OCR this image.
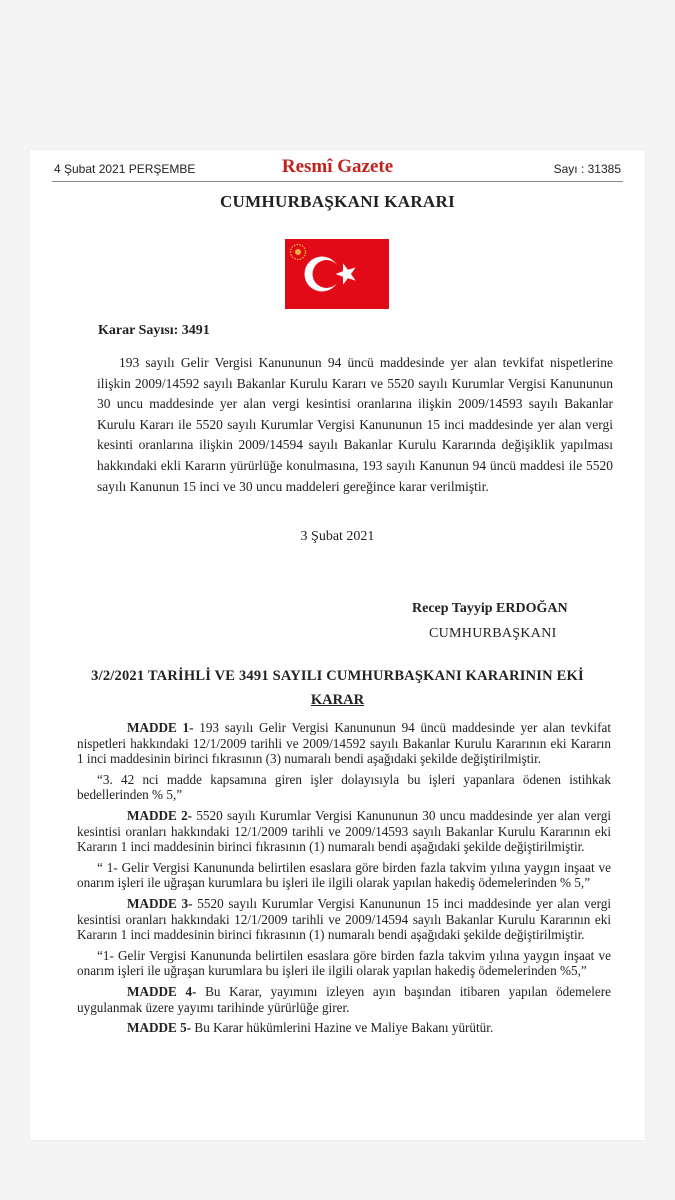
4 Şubat 2021 PERŞEMBE	Resmî Gazete	Sayı : 31385
CUMHURBAŞKANI KARARI
Karar Sayısı: 3491

193 sayılı Gelir Vergisi Kanununun 94 üncü maddesinde yer alan tevkifat nispetlerine ilişkin 2009/14592 sayılı Bakanlar Kurulu Kararı ve 5520 sayılı Kurumlar Vergisi Kanununun 30 uncu maddesinde yer alan vergi kesintisi oranlarına ilişkin 2009/14593 sayılı Bakanlar Kurulu Kararı ile 5520 sayılı Kurumlar Vergisi Kanununun 15 inci maddesinde yer alan vergi kesinti oranlarına ilişkin 2009/14594 sayılı Bakanlar Kurulu Kararında değişiklik yapılması hakkındaki ekli Kararın yürürlüğe konulmasına, 193 sayılı Kanunun 94 üncü maddesi ile 5520 sayılı Kanunun 15 inci ve 30 uncu maddeleri gereğince karar verilmiştir.

3 Şubat 2021
Recep Tayyip ERDOĞAN
CUMHURBAŞKANI
3/2/2021 TARİHLİ VE 3491 SAYILI CUMHURBAŞKANI KARARININ EKİ
KARAR

MADDE 1- 193 sayılı Gelir Vergisi Kanununun 94 üncü maddesinde yer alan tevkifat nispetleri hakkındaki 12/1/2009 tarihli ve 2009/14592 sayılı Bakanlar Kurulu Kararının eki Kararın 1 inci maddesinin birinci fıkrasının (3) numaralı bendi aşağıdaki şekilde değiştirilmiştir.

“3. 42 nci madde kapsamına giren işler dolayısıyla bu işleri yapanlara ödenen istihkak bedellerinden % 5,”

MADDE 2- 5520 sayılı Kurumlar Vergisi Kanununun 30 uncu maddesinde yer alan vergi kesintisi oranları hakkındaki 12/1/2009 tarihli ve 2009/14593 sayılı Bakanlar Kurulu Kararının eki Kararın 1 inci maddesinin birinci fıkrasının (1) numaralı bendi aşağıdaki şekilde değiştirilmiştir.

“ 1- Gelir Vergisi Kanununda belirtilen esaslara göre birden fazla takvim yılına yaygın inşaat ve onarım işleri ile uğraşan kurumlara bu işleri ile ilgili olarak yapılan hakediş ödemelerinden % 5,”

MADDE 3- 5520 sayılı Kurumlar Vergisi Kanununun 15 inci maddesinde yer alan vergi kesintisi oranları hakkındaki 12/1/2009 tarihli ve 2009/14594 sayılı Bakanlar Kurulu Kararının eki Kararın 1 inci maddesinin birinci fıkrasının (1) numaralı bendi aşağıdaki şekilde değiştirilmiştir.

“1- Gelir Vergisi Kanununda belirtilen esaslara göre birden fazla takvim yılına yaygın inşaat ve onarım işleri ile uğraşan kurumlara bu işleri ile ilgili olarak yapılan hakediş ödemelerinden %5,”

MADDE 4- Bu Karar, yayımını izleyen ayın başından itibaren yapılan ödemelere uygulanmak üzere yayımı tarihinde yürürlüğe girer.

MADDE 5- Bu Karar hükümlerini Hazine ve Maliye Bakanı yürütür.
